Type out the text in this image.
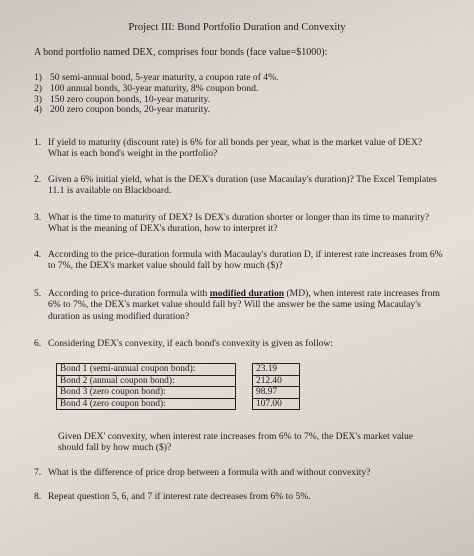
Project III: Bond Portfolio Duration and Convexity
A bond portfolio named DEX, comprises four bonds (face value=$1000):
1) 50 semi-annual bond, 5-year maturity, a coupon rate of 4%.
2) 100 annual bonds, 30-year maturity, 8% coupon bond.
3) 150 zero coupon bonds, 10-year maturity.
4) 200 zero coupon bonds, 20-year maturity.
1. If yield to maturity (discount rate) is 6% for all bonds per year, what is the market value of DEX? What is each bond's weight in the portfolio?
2. Given a 6% initial yield, what is the DEX's duration (use Macaulay's duration)? The Excel Templates 11.1 is available on Blackboard.
3. What is the time to maturity of DEX? Is DEX's duration shorter or longer than its time to maturity? What is the meaning of DEX's duration, how to interpret it?
4. According to the price-duration formula with Macaulay's duration D, if interest rate increases from 6% to 7%, the DEX's market value should fall by how much ($)?
5. According to price-duration formula with modified duration (MD), when interest rate increases from 6% to 7%, the DEX's market value should fall by? Will the answer be the same using Macaulay's duration as using modified duration?
6. Considering DEX's convexity, if each bond's convexity is given as follow:
Bond 1 (semi-annual coupon bond):		23.19
Bond 2 (annual coupon bond):		212.40
Bond 3 (zero coupon bond):		98.97
Bond 4 (zero coupon bond):		107.00
Given DEX' convexity, when interest rate increases from 6% to 7%, the DEX's market value should fall by how much ($)?
7. What is the difference of price drop between a formula with and without convexity?
8. Repeat question 5, 6, and 7 if interest rate decreases from 6% to 5%.
